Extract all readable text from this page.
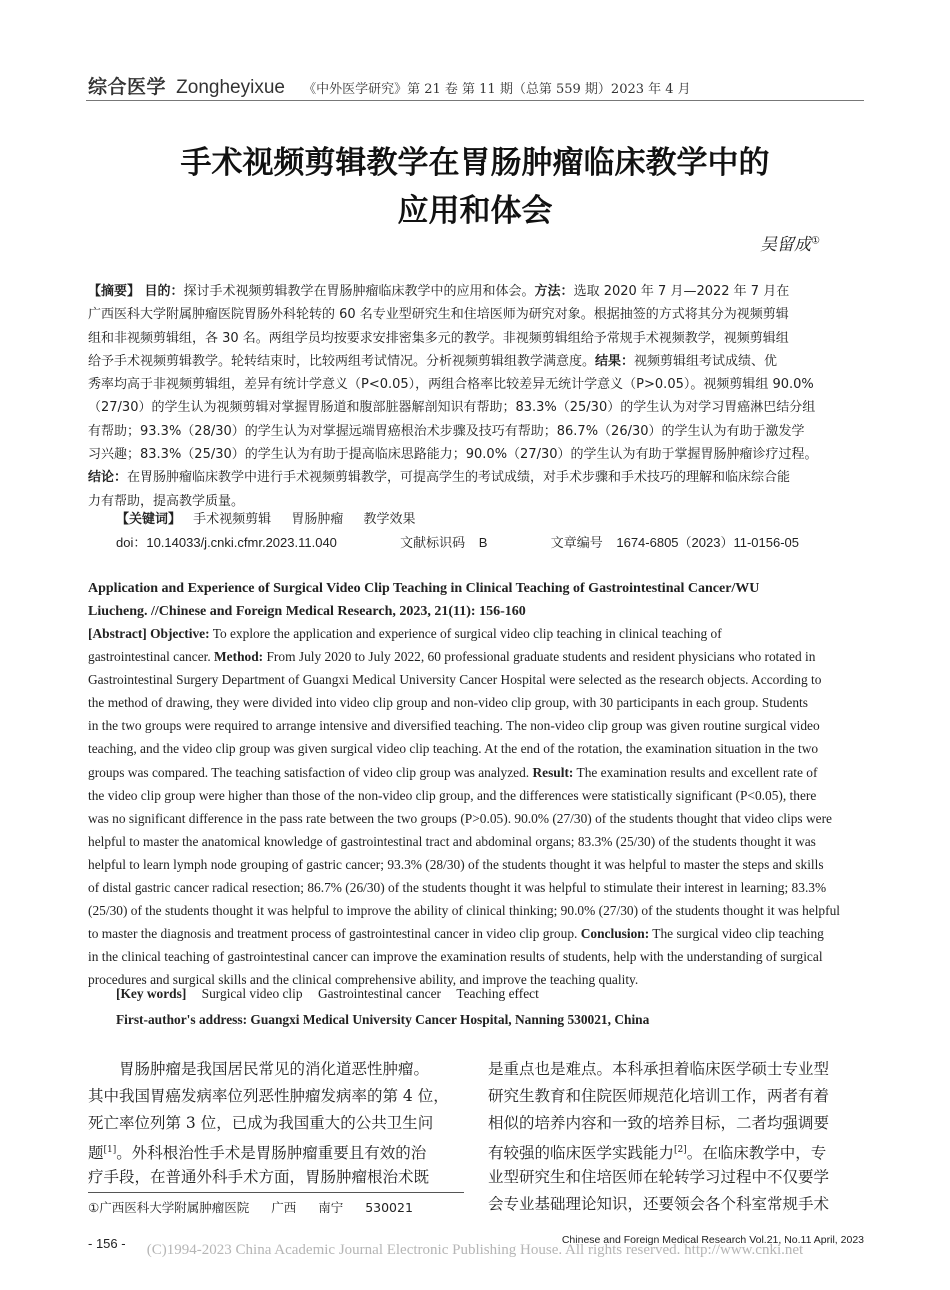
综合医学 Zongheyixue 《中外医学研究》第 21 卷 第 11 期（总第 559 期）2023 年 4 月
手术视频剪辑教学在胃肠肿瘤临床教学中的
应用和体会
吴留成①
【摘要】 目的：探讨手术视频剪辑教学在胃肠肿瘤临床教学中的应用和体会。方法：选取 2020 年 7 月—2022 年 7 月在
广西医科大学附属肿瘤医院胃肠外科轮转的 60 名专业型研究生和住培医师为研究对象。根据抽签的方式将其分为视频剪辑
组和非视频剪辑组，各 30 名。两组学员均按要求安排密集多元的教学。非视频剪辑组给予常规手术视频教学，视频剪辑组
给予手术视频剪辑教学。轮转结束时，比较两组考试情况。分析视频剪辑组教学满意度。结果：视频剪辑组考试成绩、优
秀率均高于非视频剪辑组，差异有统计学意义（P<0.05），两组合格率比较差异无统计学意义（P>0.05）。视频剪辑组 90.0%
（27/30）的学生认为视频剪辑对掌握胃肠道和腹部脏器解剖知识有帮助；83.3%（25/30）的学生认为对学习胃癌淋巴结分组
有帮助；93.3%（28/30）的学生认为对掌握远端胃癌根治术步骤及技巧有帮助；86.7%（26/30）的学生认为有助于激发学
习兴趣；83.3%（25/30）的学生认为有助于提高临床思路能力；90.0%（27/30）的学生认为有助于掌握胃肠肿瘤诊疗过程。
结论：在胃肠肿瘤临床教学中进行手术视频剪辑教学，可提高学生的考试成绩，对手术步骤和手术技巧的理解和临床综合能
力有帮助，提高教学质量。
【关键词】 手术视频剪辑 胃肠肿瘤 教学效果
doi：10.14033/j.cnki.cfmr.2023.11.040	文献标识码 B	文章编号 1674-6805（2023）11-0156-05
Application and Experience of Surgical Video Clip Teaching in Clinical Teaching of Gastrointestinal Cancer/WU
Liucheng. //Chinese and Foreign Medical Research, 2023, 21(11): 156-160
[Abstract] Objective: To explore the application and experience of surgical video clip teaching in clinical teaching of
gastrointestinal cancer. Method: From July 2020 to July 2022, 60 professional graduate students and resident physicians who rotated in
Gastrointestinal Surgery Department of Guangxi Medical University Cancer Hospital were selected as the research objects. According to
the method of drawing, they were divided into video clip group and non-video clip group, with 30 participants in each group. Students
in the two groups were required to arrange intensive and diversified teaching. The non-video clip group was given routine surgical video
teaching, and the video clip group was given surgical video clip teaching. At the end of the rotation, the examination situation in the two
groups was compared. The teaching satisfaction of video clip group was analyzed. Result: The examination results and excellent rate of
the video clip group were higher than those of the non-video clip group, and the differences were statistically significant (P<0.05), there
was no significant difference in the pass rate between the two groups (P>0.05). 90.0% (27/30) of the students thought that video clips were
helpful to master the anatomical knowledge of gastrointestinal tract and abdominal organs; 83.3% (25/30) of the students thought it was
helpful to learn lymph node grouping of gastric cancer; 93.3% (28/30) of the students thought it was helpful to master the steps and skills
of distal gastric cancer radical resection; 86.7% (26/30) of the students thought it was helpful to stimulate their interest in learning; 83.3%
(25/30) of the students thought it was helpful to improve the ability of clinical thinking; 90.0% (27/30) of the students thought it was helpful
to master the diagnosis and treatment process of gastrointestinal cancer in video clip group. Conclusion: The surgical video clip teaching
in the clinical teaching of gastrointestinal cancer can improve the examination results of students, help with the understanding of surgical
procedures and surgical skills and the clinical comprehensive ability, and improve the teaching quality.
[Key words] Surgical video clip Gastrointestinal cancer Teaching effect
First-author's address: Guangxi Medical University Cancer Hospital, Nanning 530021, China
　　胃肠肿瘤是我国居民常见的消化道恶性肿瘤。
其中我国胃癌发病率位列恶性肿瘤发病率的第 4 位，
死亡率位列第 3 位，已成为我国重大的公共卫生问
题[1]。外科根治性手术是胃肠肿瘤重要且有效的治
疗手段，在普通外科手术方面，胃肠肿瘤根治术既
是重点也是难点。本科承担着临床医学硕士专业型
研究生教育和住院医师规范化培训工作，两者有着
相似的培养内容和一致的培养目标，二者均强调要
有较强的临床医学实践能力[2]。在临床教学中，专
业型研究生和住培医师在轮转学习过程中不仅要学
会专业基础理论知识，还要领会各个科室常规手术
①广西医科大学附属肿瘤医院 广西 南宁 530021
- 156 -	Chinese and Foreign Medical Research Vol.21, No.11 April, 2023
(C)1994-2023 China Academic Journal Electronic Publishing House. All rights reserved. http://www.cnki.net
